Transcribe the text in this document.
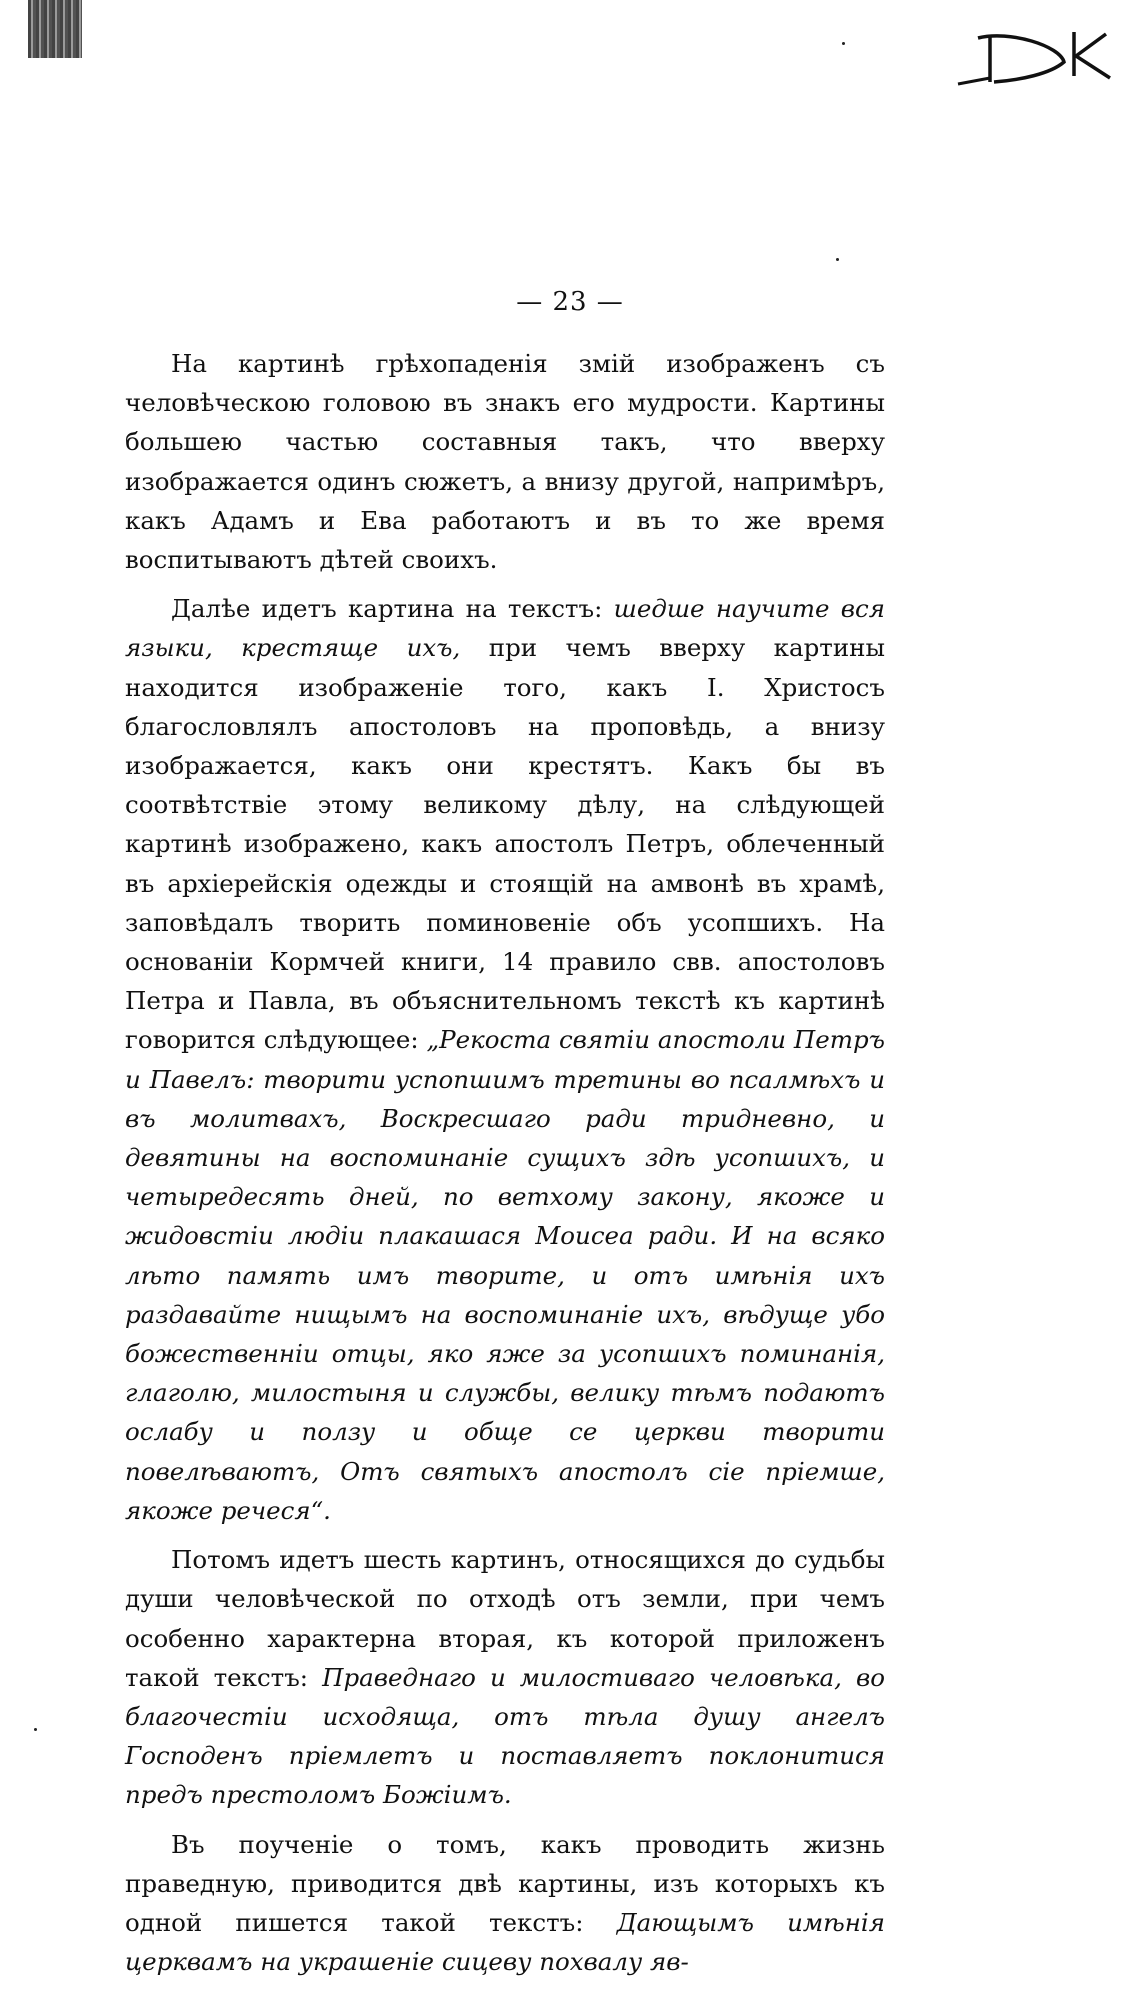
— 23 —

На картинѣ грѣхопаденія змій изображенъ съ человѣческою головою въ знакъ его мудрости. Картины большею частью составныя такъ, что вверху изображается одинъ сюжетъ, а внизу другой, напримѣръ, какъ Адамъ и Ева работаютъ и въ то же время воспитываютъ дѣтей своихъ.

Далѣе идетъ картина на текстъ: шедше научите вся языки, крестяще ихъ, при чемъ вверху картины находится изображеніе того, какъ І. Христосъ благословлялъ апостоловъ на проповѣдь, а внизу изображается, какъ они крестятъ. Какъ бы въ соотвѣтствіе этому великому дѣлу, на слѣдующей картинѣ изображено, какъ апостолъ Петръ, облеченный въ архіерейскія одежды и стоящій на амвонѣ въ храмѣ, заповѣдалъ творить поминовеніе объ усопшихъ. На основаніи Кормчей книги, 14 правило свв. апостоловъ Петра и Павла, въ объяснительномъ текстѣ къ картинѣ говорится слѣдующее: „Рекоста святіи апостоли Петръ и Павелъ: творити успопшимъ третины во псалмѣхъ и въ молитвахъ, Воскресшаго ради тридневно, и девятины на воспоминаніе сущихъ здѣ усопшихъ, и четыредесять дней, по ветхому закону, якоже и жидовстіи людіи плакашася Моисеа ради. И на всяко лѣто память имъ творите, и отъ имѣнія ихъ раздавайте нищымъ на воспоминаніе ихъ, вѣдуще убо божественніи отцы, яко яже за усопшихъ поминанія, глаголю, милостыня и службы, велику тѣмъ подаютъ ослабу и ползу и обще се церкви творити повелѣваютъ, Отъ святыхъ апостолъ сіе пріемше, якоже речеся“.

Потомъ идетъ шесть картинъ, относящихся до судьбы души человѣческой по отходѣ отъ земли, при чемъ особенно характерна вторая, къ которой приложенъ такой текстъ: Праведнаго и милостиваго человѣка, во благочестіи исходяща, отъ тѣла душу ангелъ Господенъ пріемлетъ и поставляетъ поклонитися предъ престоломъ Божіимъ.

Въ поученіе о томъ, какъ проводить жизнь праведную, приводится двѣ картины, изъ которыхъ къ одной пишется такой текстъ: Дающымъ имѣнія церквамъ на украшеніе сицеву похвалу яв-
